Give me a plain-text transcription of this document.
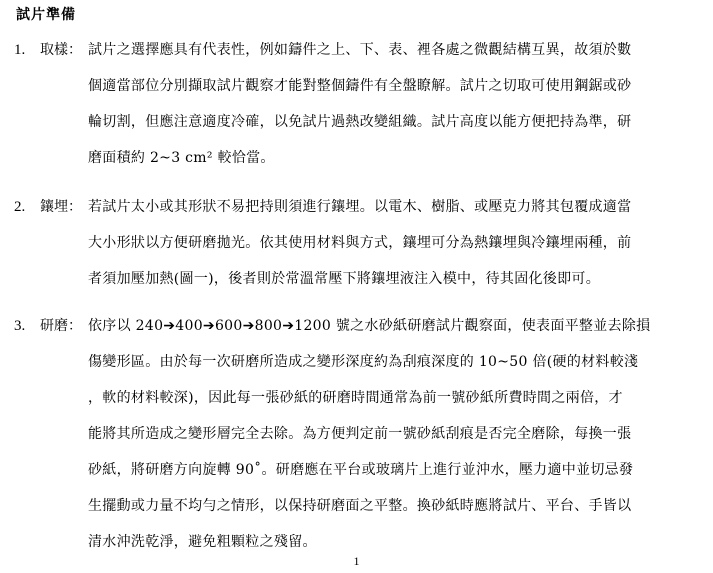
試片準備
1. 取樣： 試片之選擇應具有代表性，例如鑄件之上、下、表、裡各處之微觀結構互異，故須於數
個適當部位分別擷取試片觀察才能對整個鑄件有全盤瞭解。試片之切取可使用鋼鋸或砂
輪切割，但應注意適度冷確，以免試片過熱改變組織。試片高度以能方便把持為準，研
磨面積約 2~3 cm² 較恰當。
2. 鑲埋： 若試片太小或其形狀不易把持則須進行鑲埋。以電木、樹脂、或壓克力將其包覆成適當
大小形狀以方便研磨拋光。依其使用材料與方式，鑲埋可分為熱鑲埋與冷鑲埋兩種，前
者須加壓加熱(圖一)，後者則於常溫常壓下將鑲埋液注入模中，待其固化後即可。
3. 研磨： 依序以 240➔400➔600➔800➔1200 號之水砂紙研磨試片觀察面，使表面平整並去除損
傷變形區。由於每一次研磨所造成之變形深度約為刮痕深度的 10~50 倍(硬的材料較淺
，軟的材料較深)，因此每一張砂紙的研磨時間通常為前一號砂紙所費時間之兩倍，才
能將其所造成之變形層完全去除。為方便判定前一號砂紙刮痕是否完全磨除，每換一張
砂紙，將研磨方向旋轉 90˚。研磨應在平台或玻璃片上進行並沖水，壓力適中並切忌發
生擺動或力量不均勻之情形，以保持研磨面之平整。換砂紙時應將試片、平台、手皆以
清水沖洗乾淨，避免粗顆粒之殘留。
1
